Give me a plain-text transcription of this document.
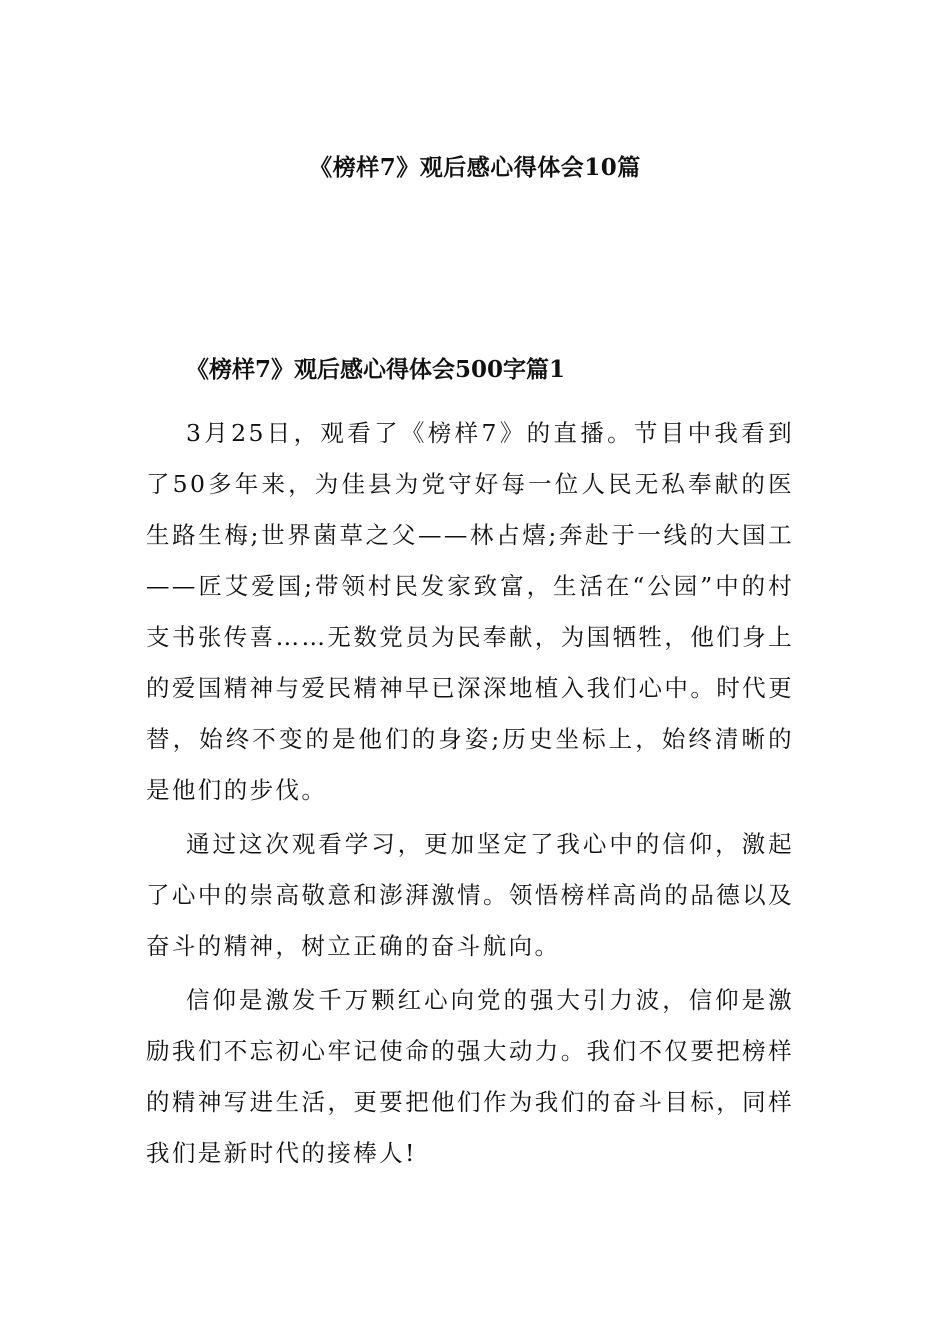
《榜样7》观后感心得体会10篇
《榜样7》观后感心得体会500字篇1

3月25日，观看了《榜样7》的直播。节目中我看到了50多年来，为佳县为党守好每一位人民无私奉献的医生路生梅;世界菌草之父——林占熺;奔赴于一线的大国工——匠艾爱国;带领村民发家致富，生活在“公园”中的村支书张传喜……无数党员为民奉献，为国牺牲，他们身上的爱国精神与爱民精神早已深深地植入我们心中。时代更替，始终不变的是他们的身姿;历史坐标上，始终清晰的是他们的步伐。

通过这次观看学习，更加坚定了我心中的信仰，激起了心中的崇高敬意和澎湃激情。领悟榜样高尚的品德以及奋斗的精神，树立正确的奋斗航向。

信仰是激发千万颗红心向党的强大引力波，信仰是激励我们不忘初心牢记使命的强大动力。我们不仅要把榜样的精神写进生活，更要把他们作为我们的奋斗目标，同样我们是新时代的接棒人!
